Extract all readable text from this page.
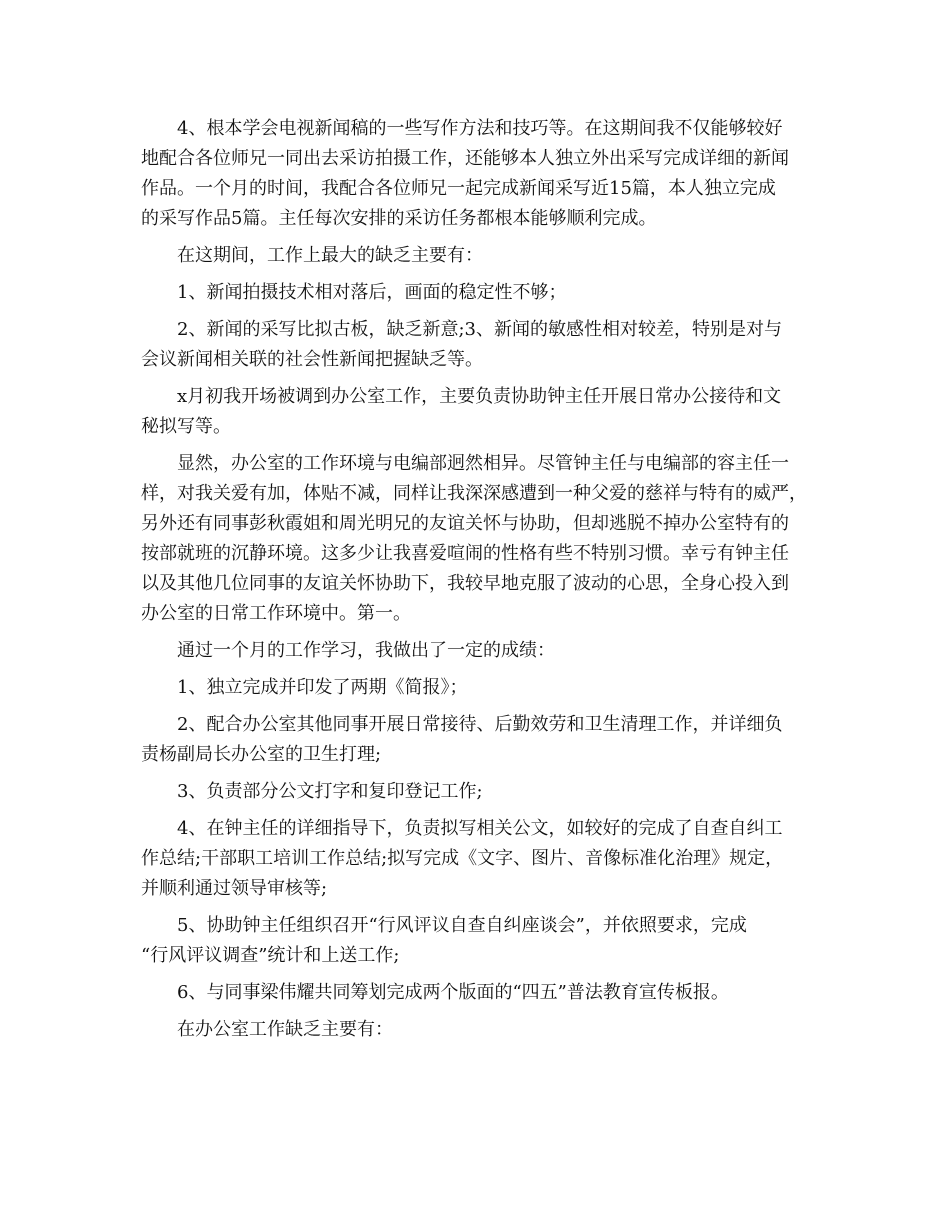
4、根本学会电视新闻稿的一些写作方法和技巧等。在这期间我不仅能够较好
地配合各位师兄一同出去采访拍摄工作，还能够本人独立外出采写完成详细的新闻
作品。一个月的时间，我配合各位师兄一起完成新闻采写近15篇，本人独立完成
的采写作品5篇。主任每次安排的采访任务都根本能够顺利完成。
在这期间，工作上最大的缺乏主要有：
1、新闻拍摄技术相对落后，画面的稳定性不够；
2、新闻的采写比拟古板，缺乏新意;3、新闻的敏感性相对较差，特别是对与
会议新闻相关联的社会性新闻把握缺乏等。
x月初我开场被调到办公室工作，主要负责协助钟主任开展日常办公接待和文
秘拟写等。
显然，办公室的工作环境与电编部迥然相异。尽管钟主任与电编部的容主任一
样，对我关爱有加，体贴不减，同样让我深深感遭到一种父爱的慈祥与特有的威严，
另外还有同事彭秋霞姐和周光明兄的友谊关怀与协助，但却逃脱不掉办公室特有的
按部就班的沉静环境。这多少让我喜爱喧闹的性格有些不特别习惯。幸亏有钟主任
以及其他几位同事的友谊关怀协助下，我较早地克服了波动的心思，全身心投入到
办公室的日常工作环境中。第一。
通过一个月的工作学习，我做出了一定的成绩：
1、独立完成并印发了两期《简报》；
2、配合办公室其他同事开展日常接待、后勤效劳和卫生清理工作，并详细负
责杨副局长办公室的卫生打理;
3、负责部分公文打字和复印登记工作;
4、在钟主任的详细指导下，负责拟写相关公文，如较好的完成了自查自纠工
作总结;干部职工培训工作总结;拟写完成《文字、图片、音像标准化治理》规定，
并顺利通过领导审核等;
5、协助钟主任组织召开“行风评议自查自纠座谈会”，并依照要求，完成
“行风评议调查”统计和上送工作;
6、与同事梁伟耀共同筹划完成两个版面的“四五”普法教育宣传板报。
在办公室工作缺乏主要有：
